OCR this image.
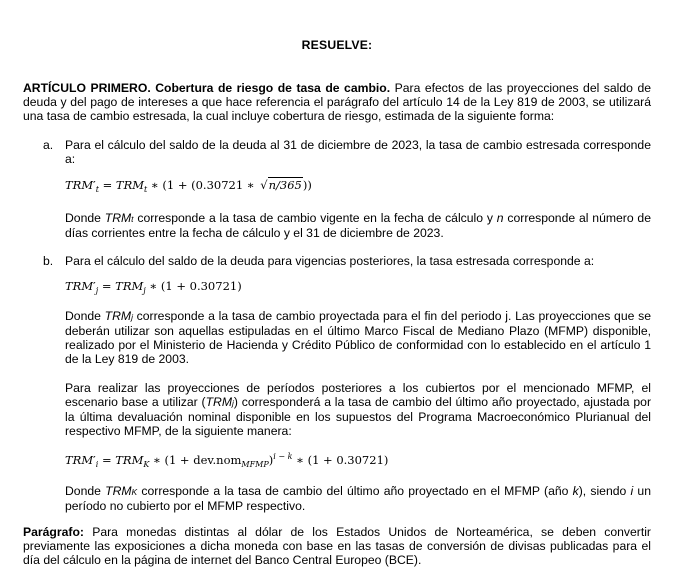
RESUELVE:
ARTÍCULO PRIMERO. Cobertura de riesgo de tasa de cambio. Para efectos de las proyecciones del saldo de deuda y del pago de intereses a que hace referencia el parágrafo del artículo 14 de la Ley 819 de 2003, se utilizará una tasa de cambio estresada, la cual incluye cobertura de riesgo, estimada de la siguiente forma:
a. Para el cálculo del saldo de la deuda al 31 de diciembre de 2023, la tasa de cambio estresada corresponde a:
$TRM'_t = TRM_t$ ∗ (1 + (0.30721 ∗ √n/365))
Donde TRMt corresponde a la tasa de cambio vigente en la fecha de cálculo y n corresponde al número de días corrientes entre la fecha de cálculo y el 31 de diciembre de 2023.
b. Para el cálculo del saldo de la deuda para vigencias posteriores, la tasa estresada corresponde a:
$TRM'_j = TRM_j$ ∗ (1 + 0.30721)
Donde TRMj corresponde a la tasa de cambio proyectada para el fin del periodo j. Las proyecciones que se deberán utilizar son aquellas estipuladas en el último Marco Fiscal de Mediano Plazo (MFMP) disponible, realizado por el Ministerio de Hacienda y Crédito Público de conformidad con lo establecido en el artículo 1 de la Ley 819 de 2003.
Para realizar las proyecciones de períodos posteriores a los cubiertos por el mencionado MFMP, el escenario base a utilizar (TRMj) corresponderá a la tasa de cambio del último año proyectado, ajustada por la última devaluación nominal disponible en los supuestos del Programa Macroeconómico Plurianual del respectivo MFMP, de la siguiente manera:
$TRM'_i = TRM_K$ ∗ $(1 + dev.nom_{MFMP})^{i - k}$ ∗ (1 + 0.30721)
Donde TRMK corresponde a la tasa de cambio del último año proyectado en el MFMP (año k), siendo i un período no cubierto por el MFMP respectivo.
Parágrafo: Para monedas distintas al dólar de los Estados Unidos de Norteamérica, se deben convertir previamente las exposiciones a dicha moneda con base en las tasas de conversión de divisas publicadas para el día del cálculo en la página de internet del Banco Central Europeo (BCE).
